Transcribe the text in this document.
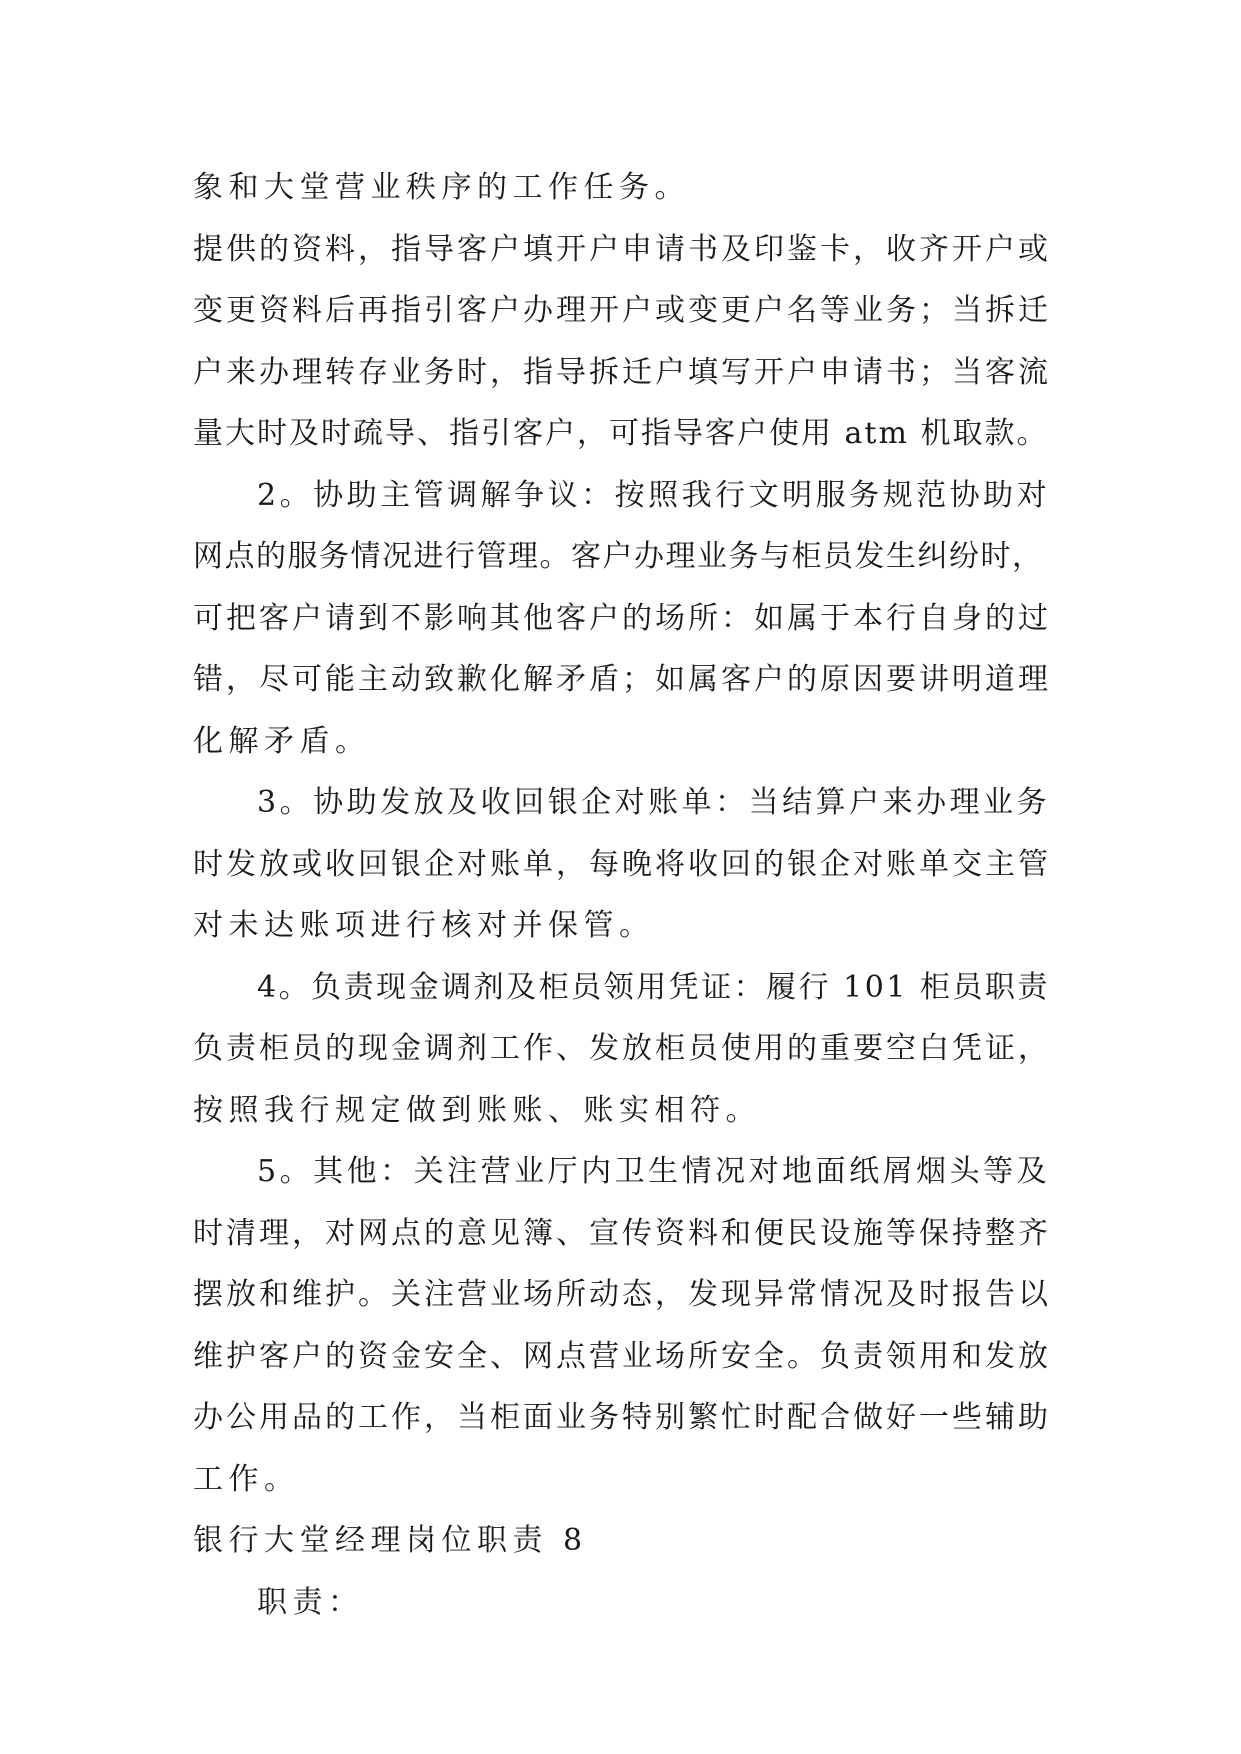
象和大堂营业秩序的工作任务。
提供的资料，指导客户填开户申请书及印鉴卡，收齐开户或
变更资料后再指引客户办理开户或变更户名等业务；当拆迁
户来办理转存业务时，指导拆迁户填写开户申请书；当客流
量大时及时疏导、指引客户，可指导客户使用 atm 机取款。
2。协助主管调解争议：按照我行文明服务规范协助对
网点的服务情况进行管理。客户办理业务与柜员发生纠纷时，
可把客户请到不影响其他客户的场所：如属于本行自身的过
错，尽可能主动致歉化解矛盾；如属客户的原因要讲明道理
化解矛盾。
3。协助发放及收回银企对账单：当结算户来办理业务
时发放或收回银企对账单，每晚将收回的银企对账单交主管
对未达账项进行核对并保管。
4。负责现金调剂及柜员领用凭证：履行 101 柜员职责
负责柜员的现金调剂工作、发放柜员使用的重要空白凭证，
按照我行规定做到账账、账实相符。
5。其他：关注营业厅内卫生情况对地面纸屑烟头等及
时清理，对网点的意见簿、宣传资料和便民设施等保持整齐
摆放和维护。关注营业场所动态，发现异常情况及时报告以
维护客户的资金安全、网点营业场所安全。负责领用和发放
办公用品的工作，当柜面业务特别繁忙时配合做好一些辅助
工作。
银行大堂经理岗位职责 8
职责：
